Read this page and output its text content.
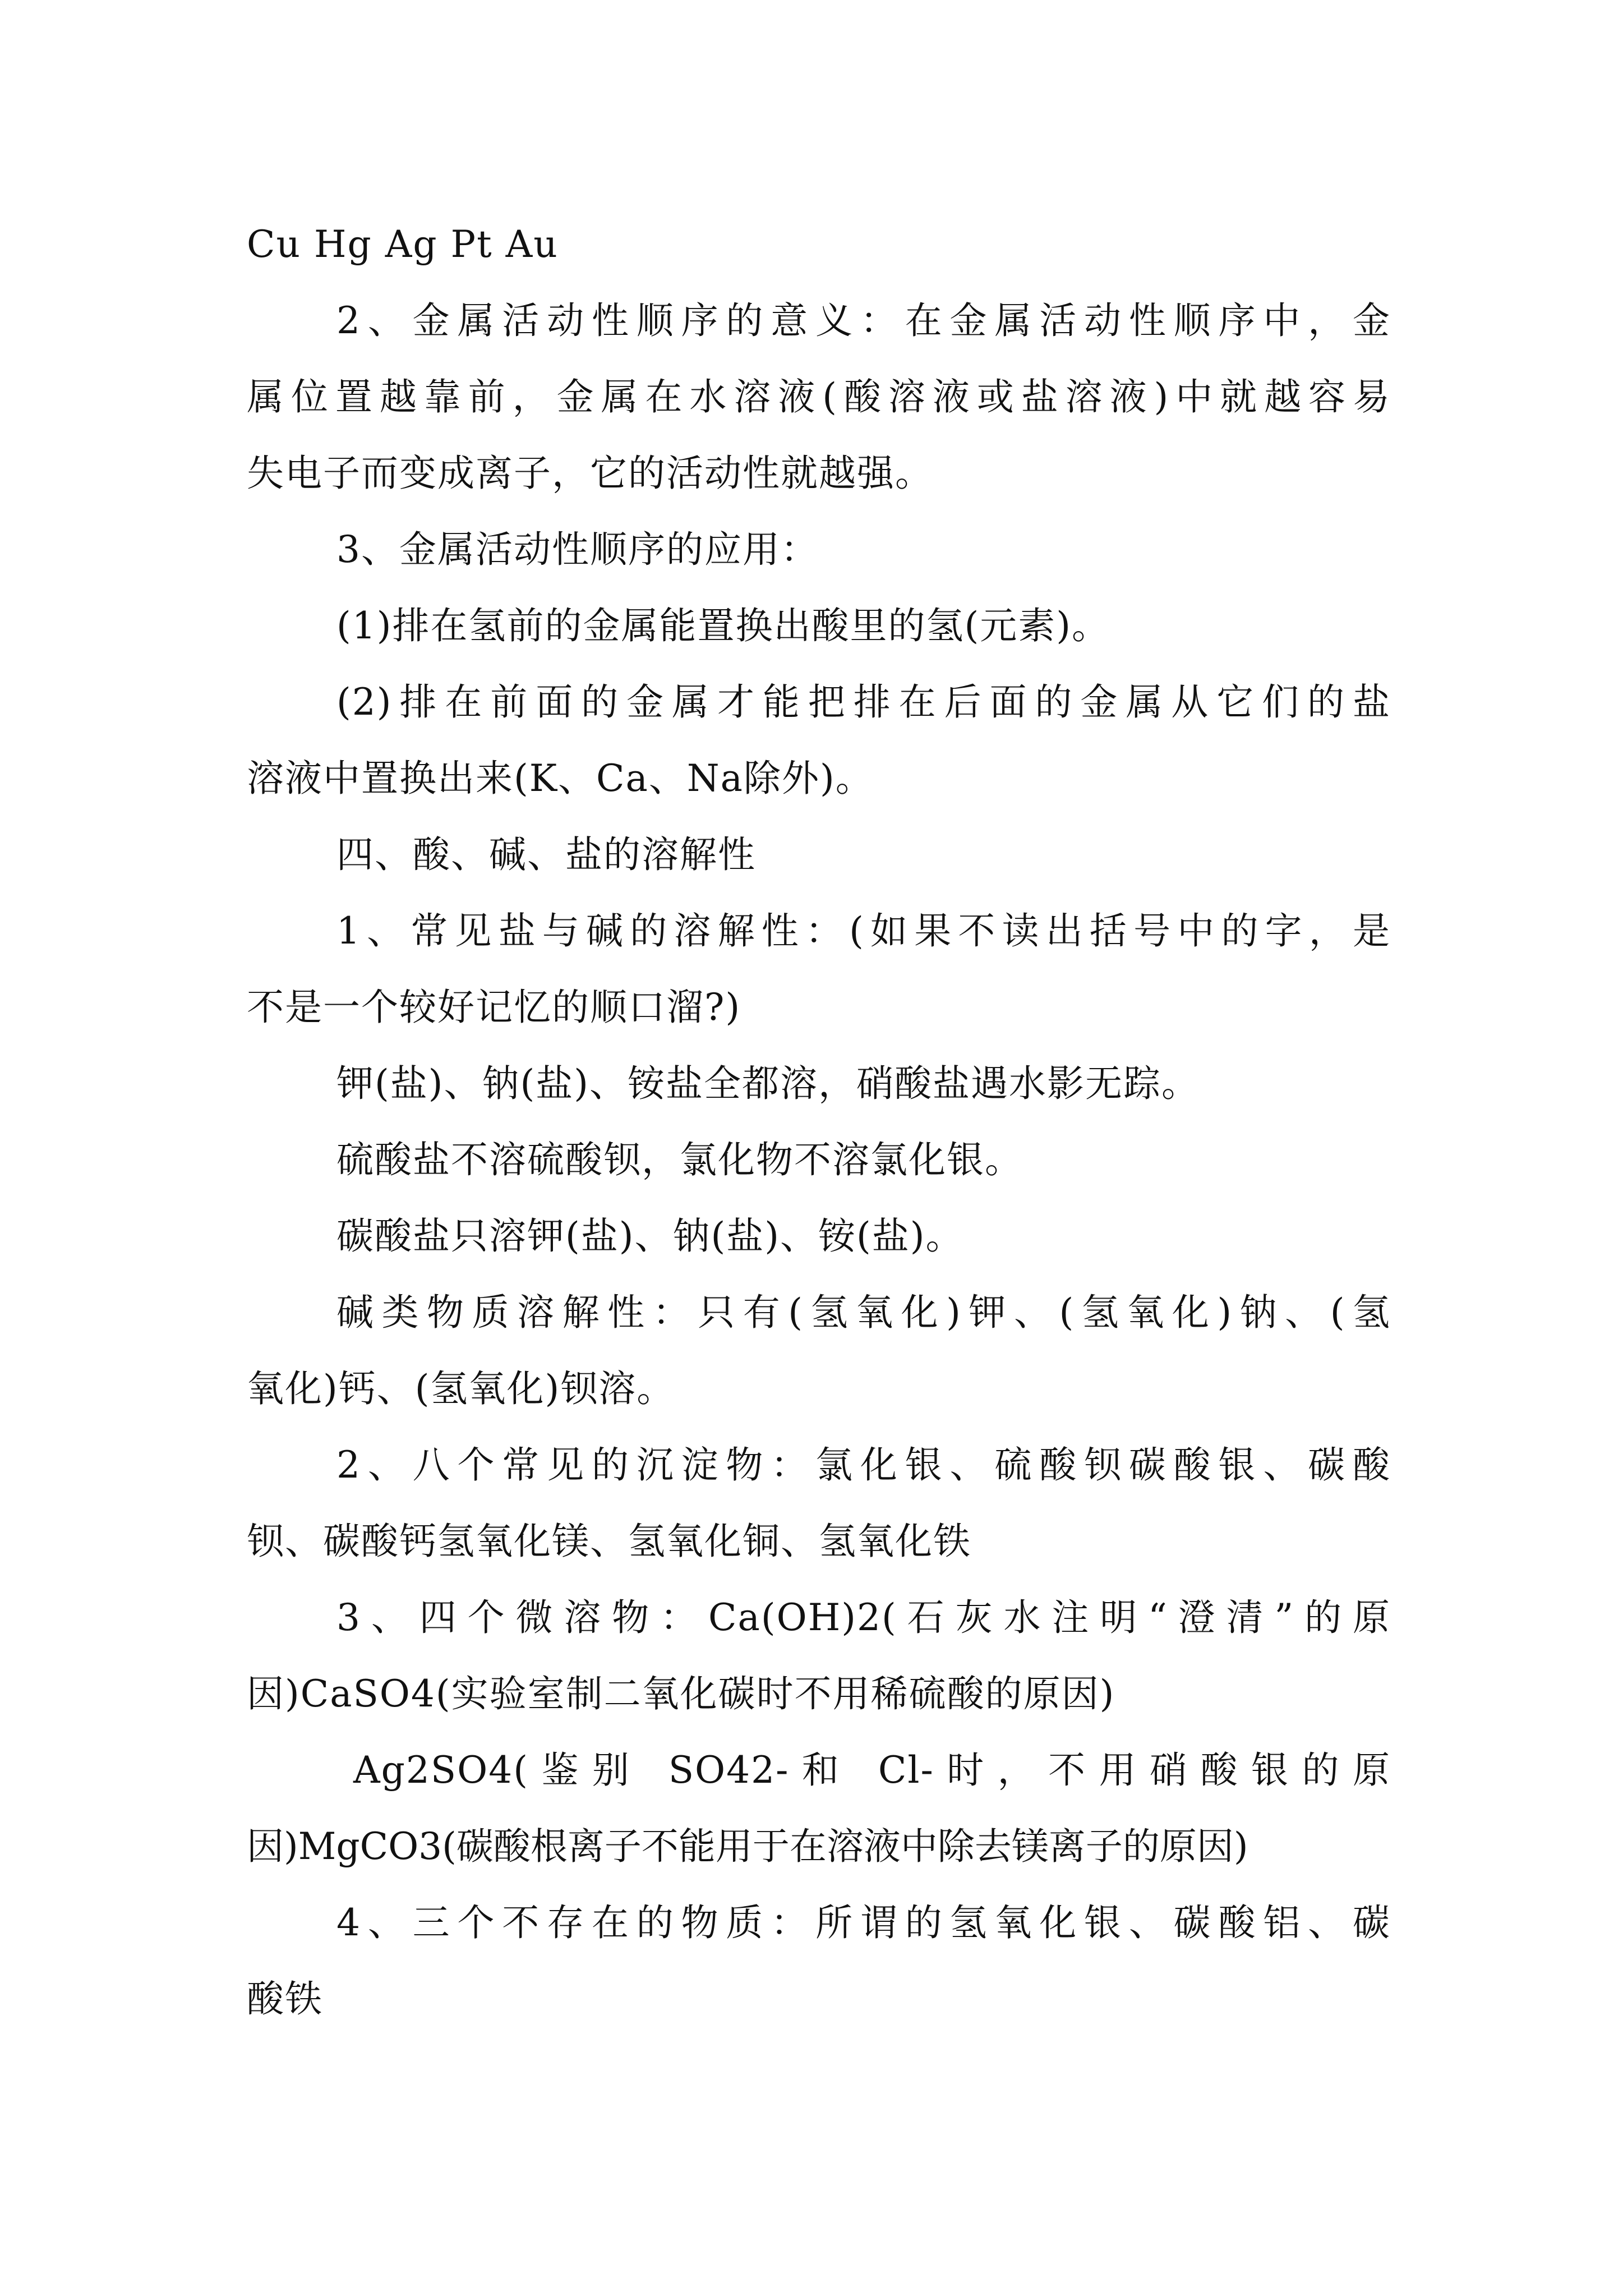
Cu Hg Ag Pt Au
2、金属活动性顺序的意义：在金属活动性顺序中，金
属位置越靠前，金属在水溶液(酸溶液或盐溶液)中就越容易
失电子而变成离子，它的活动性就越强。
3、金属活动性顺序的应用：
(1)排在氢前的金属能置换出酸里的氢(元素)。
(2)排在前面的金属才能把排在后面的金属从它们的盐
溶液中置换出来(K、Ca、Na除外)。
四、酸、碱、盐的溶解性
1、常见盐与碱的溶解性：(如果不读出括号中的字，是
不是一个较好记忆的顺口溜?)
钾(盐)、钠(盐)、铵盐全都溶，硝酸盐遇水影无踪。
硫酸盐不溶硫酸钡，氯化物不溶氯化银。
碳酸盐只溶钾(盐)、钠(盐)、铵(盐)。
碱类物质溶解性：只有(氢氧化)钾、(氢氧化)钠、(氢
氧化)钙、(氢氧化)钡溶。
2、八个常见的沉淀物：氯化银、硫酸钡碳酸银、碳酸
钡、碳酸钙氢氧化镁、氢氧化铜、氢氧化铁
3、四个微溶物：Ca(OH)2(石灰水注明“澄清”的原
因)CaSO4(实验室制二氧化碳时不用稀硫酸的原因)
Ag2SO4(鉴别 SO42-和 Cl-时，不用硝酸银的原
因)MgCO3(碳酸根离子不能用于在溶液中除去镁离子的原因)
4、三个不存在的物质：所谓的氢氧化银、碳酸铝、碳
酸铁
